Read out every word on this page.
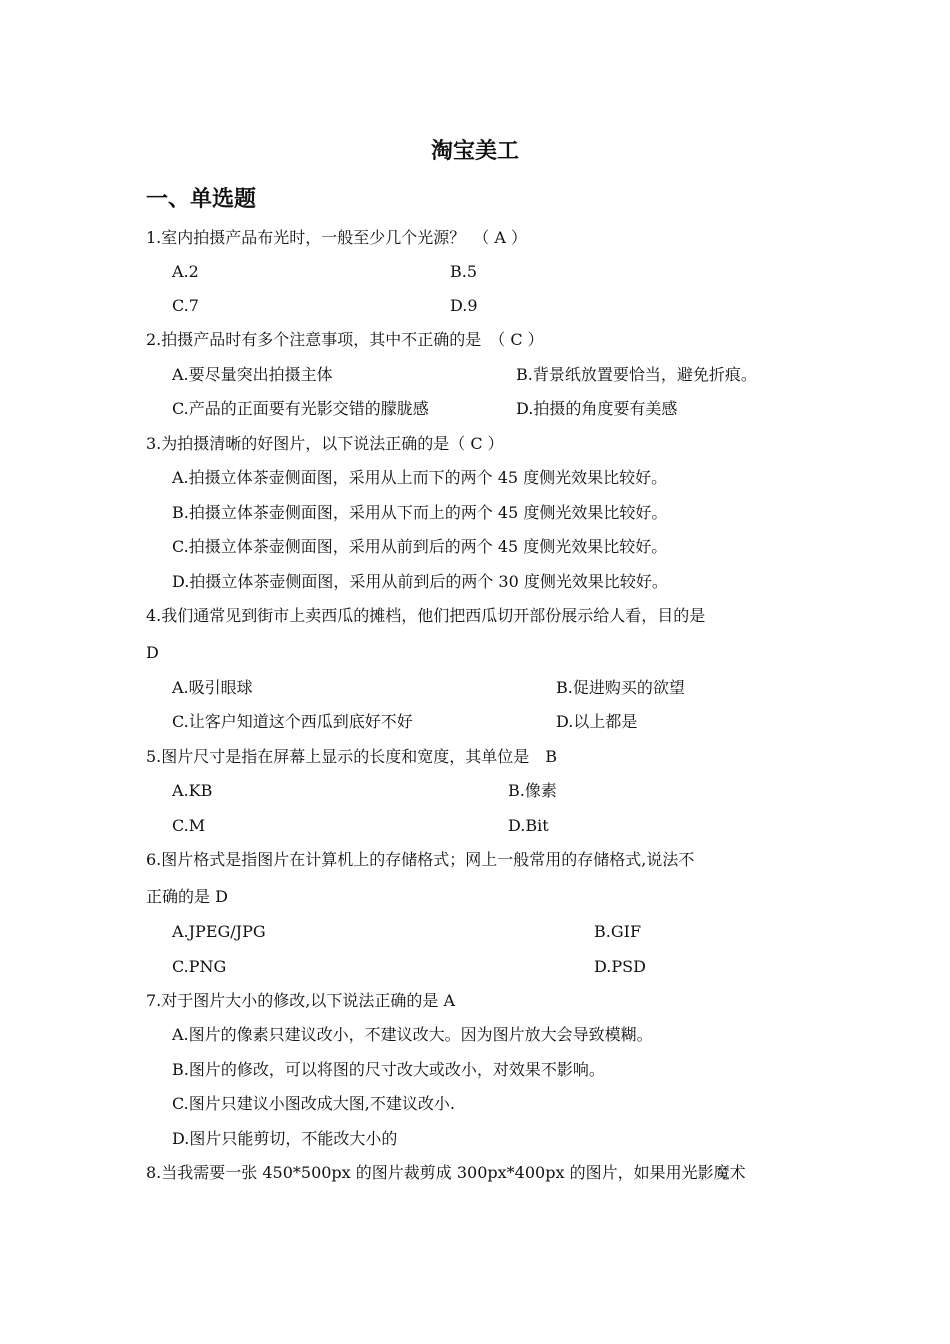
淘宝美工
一、单选题
1.室内拍摄产品布光时，一般至少几个光源？　（ A ）
A.2	B.5
C.7	D.9
2.拍摄产品时有多个注意事项，其中不正确的是　（ C ）
A.要尽量突出拍摄主体	B.背景纸放置要恰当，避免折痕。
C.产品的正面要有光影交错的朦胧感	D.拍摄的角度要有美感
3.为拍摄清晰的好图片，以下说法正确的是（ C ）
A.拍摄立体茶壶侧面图，采用从上而下的两个 45 度侧光效果比较好。
B.拍摄立体茶壶侧面图，采用从下而上的两个 45 度侧光效果比较好。
C.拍摄立体茶壶侧面图，采用从前到后的两个 45 度侧光效果比较好。
D.拍摄立体茶壶侧面图，采用从前到后的两个 30 度侧光效果比较好。
4.我们通常见到街市上卖西瓜的摊档，他们把西瓜切开部份展示给人看，目的是
D
A.吸引眼球	B.促进购买的欲望
C.让客户知道这个西瓜到底好不好	D.以上都是
5.图片尺寸是指在屏幕上显示的长度和宽度，其单位是　B
A.KB	B.像素
C.M	D.Bit
6.图片格式是指图片在计算机上的存储格式；网上一般常用的存储格式,说法不
正确的是 D
A.JPEG/JPG	B.GIF
C.PNG	D.PSD
7.对于图片大小的修改,以下说法正确的是 A
A.图片的像素只建议改小，不建议改大。因为图片放大会导致模糊。
B.图片的修改，可以将图的尺寸改大或改小，对效果不影响。
C.图片只建议小图改成大图,不建议改小.
D.图片只能剪切，不能改大小的
8.当我需要一张 450*500px 的图片裁剪成 300px*400px 的图片，如果用光影魔术
